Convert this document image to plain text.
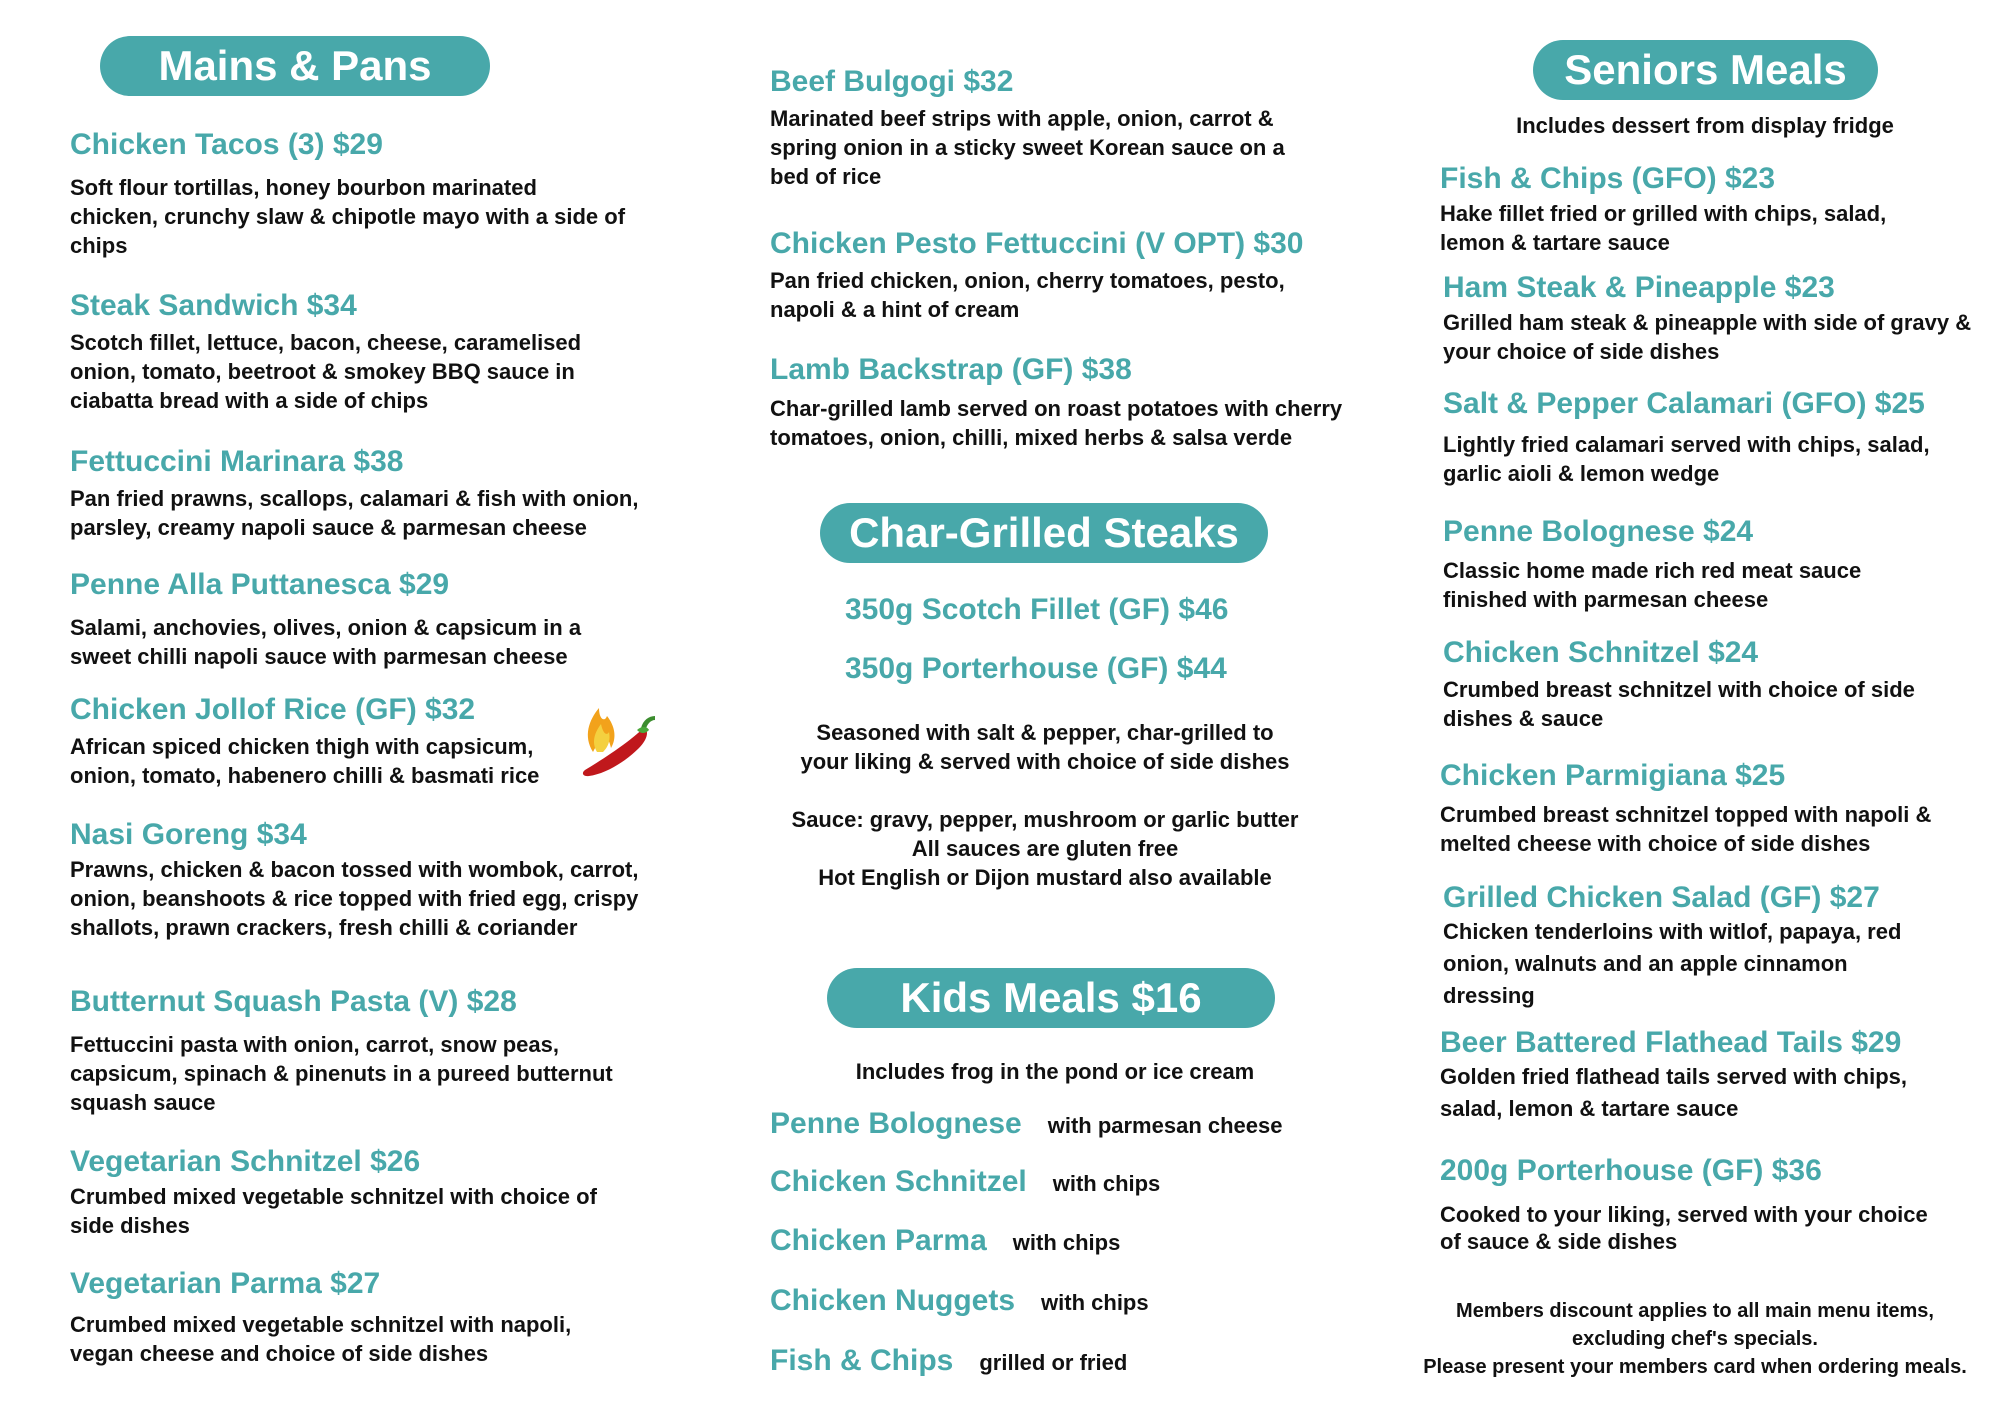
Mains & Pans
Chicken Tacos (3) $29
Soft flour tortillas, honey bourbon marinated chicken, crunchy slaw & chipotle mayo with a side of chips
Steak Sandwich $34
Scotch fillet, lettuce, bacon, cheese, caramelised onion, tomato, beetroot & smokey BBQ sauce in ciabatta bread with a side of chips
Fettuccini Marinara $38
Pan fried prawns, scallops, calamari & fish with onion, parsley, creamy napoli sauce & parmesan cheese
Penne Alla Puttanesca $29
Salami, anchovies, olives, onion & capsicum in a sweet chilli napoli sauce with parmesan cheese
Chicken Jollof Rice (GF) $32
African spiced chicken thigh with capsicum, onion, tomato, habenero chilli & basmati rice
Nasi Goreng $34
Prawns, chicken & bacon tossed with wombok, carrot, onion, beanshoots & rice topped with fried egg, crispy shallots, prawn crackers, fresh chilli & coriander
Butternut Squash Pasta (V) $28
Fettuccini pasta with onion, carrot, snow peas, capsicum, spinach & pinenuts in a pureed butternut squash sauce
Vegetarian Schnitzel $26
Crumbed mixed vegetable schnitzel with choice of side dishes
Vegetarian Parma $27
Crumbed mixed vegetable schnitzel with napoli, vegan cheese and choice of side dishes
Beef Bulgogi $32
Marinated beef strips with apple, onion, carrot & spring onion in a sticky sweet Korean sauce on a bed of rice
Chicken Pesto Fettuccini (V OPT) $30
Pan fried chicken, onion, cherry tomatoes, pesto, napoli & a hint of cream
Lamb Backstrap (GF) $38
Char-grilled lamb served on roast potatoes with cherry tomatoes, onion, chilli, mixed herbs & salsa verde
Char-Grilled Steaks
350g Scotch Fillet (GF) $46
350g Porterhouse (GF) $44
Seasoned with salt & pepper, char-grilled to
your liking & served with choice of side dishes
Sauce: gravy, pepper, mushroom or garlic butter
All sauces are gluten free
Hot English or Dijon mustard also available
Kids Meals $16
Includes frog in the pond or ice cream
Penne Bolognese with parmesan cheese
Chicken Schnitzel with chips
Chicken Parma with chips
Chicken Nuggets with chips
Fish & Chips grilled or fried
Seniors Meals
Includes dessert from display fridge
Fish & Chips (GFO) $23
Hake fillet fried or grilled with chips, salad, lemon & tartare sauce
Ham Steak & Pineapple $23
Grilled ham steak & pineapple with side of gravy & your choice of side dishes
Salt & Pepper Calamari (GFO) $25
Lightly fried calamari served with chips, salad, garlic aioli & lemon wedge
Penne Bolognese $24
Classic home made rich red meat sauce finished with parmesan cheese
Chicken Schnitzel $24
Crumbed breast schnitzel with choice of side dishes & sauce
Chicken Parmigiana $25
Crumbed breast schnitzel topped with napoli & melted cheese with choice of side dishes
Grilled Chicken Salad (GF) $27
Chicken tenderloins with witlof, papaya, red onion, walnuts and an apple cinnamon dressing
Beer Battered Flathead Tails $29
Golden fried flathead tails served with chips, salad, lemon & tartare sauce
200g Porterhouse (GF) $36
Cooked to your liking, served with your choice of sauce & side dishes
Members discount applies to all main menu items,
excluding chef's specials.
Please present your members card when ordering meals.
